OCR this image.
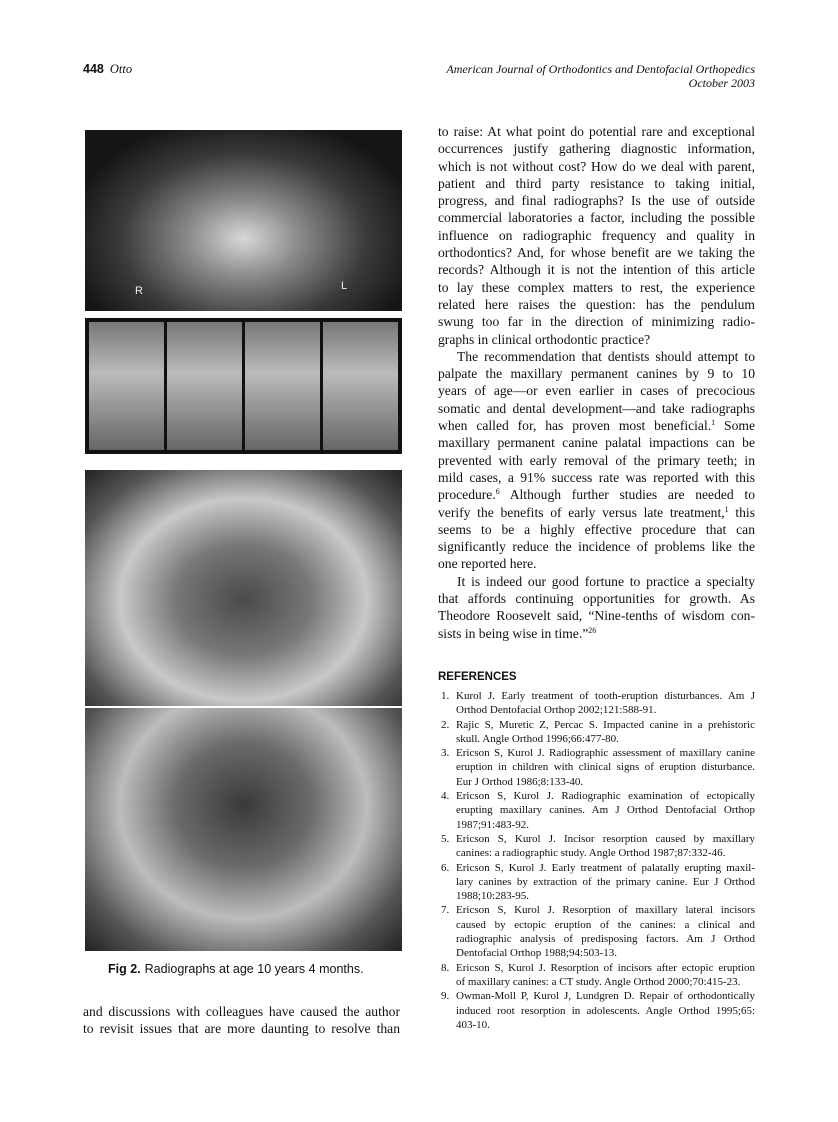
448 Otto	American Journal of Orthodontics and Dentofacial Orthopedics
October 2003
R	L
Fig 2. Radiographs at age 10 years 4 months.
and discussions with colleagues have caused the author
to revisit issues that are more daunting to resolve than
to raise: At what point do potential rare and exceptional
occurrences justify gathering diagnostic information,
which is not without cost? How do we deal with parent,
patient and third party resistance to taking initial,
progress, and final radiographs? Is the use of outside
commercial laboratories a factor, including the possible
influence on radiographic frequency and quality in
orthodontics? And, for whose benefit are we taking the
records? Although it is not the intention of this article
to lay these complex matters to rest, the experience
related here raises the question: has the pendulum
swung too far in the direction of minimizing radio-
graphs in clinical orthodontic practice?
The recommendation that dentists should attempt to
palpate the maxillary permanent canines by 9 to 10
years of age—or even earlier in cases of precocious
somatic and dental development—and take radiographs
when called for, has proven most beneficial.$^1$ Some
maxillary permanent canine palatal impactions can be
prevented with early removal of the primary teeth; in
mild cases, a 91% success rate was reported with this
procedure.$^6$ Although further studies are needed to
verify the benefits of early versus late treatment,$^1$ this
seems to be a highly effective procedure that can
significantly reduce the incidence of problems like the
one reported here.
It is indeed our good fortune to practice a specialty
that affords continuing opportunities for growth. As
Theodore Roosevelt said, “Nine-tenths of wisdom con-
sists in being wise in time.”$^{26}$
REFERENCES
1. Kurol J. Early treatment of tooth-eruption disturbances. Am J
Orthod Dentofacial Orthop 2002;121:588-91.
2. Rajic S, Muretic Z, Percac S. Impacted canine in a prehistoric
skull. Angle Orthod 1996;66:477-80.
3. Ericson S, Kurol J. Radiographic assessment of maxillary canine
eruption in children with clinical signs of eruption disturbance.
Eur J Orthod 1986;8:133-40.
4. Ericson S, Kurol J. Radiographic examination of ectopically
erupting maxillary canines. Am J Orthod Dentofacial Orthop
1987;91:483-92.
5. Ericson S, Kurol J. Incisor resorption caused by maxillary
canines: a radiographic study. Angle Orthod 1987;87:332-46.
6. Ericson S, Kurol J. Early treatment of palatally erupting maxil-
lary canines by extraction of the primary canine. Eur J Orthod
1988;10:283-95.
7. Ericson S, Kurol J. Resorption of maxillary lateral incisors
caused by ectopic eruption of the canines: a clinical and
radiographic analysis of predisposing factors. Am J Orthod
Dentofacial Orthop 1988;94:503-13.
8. Ericson S, Kurol J. Resorption of incisors after ectopic eruption
of maxillary canines: a CT study. Angle Orthod 2000;70:415-23.
9. Owman-Moll P, Kurol J, Lundgren D. Repair of orthodontically
induced root resorption in adolescents. Angle Orthod 1995;65:
403-10.
